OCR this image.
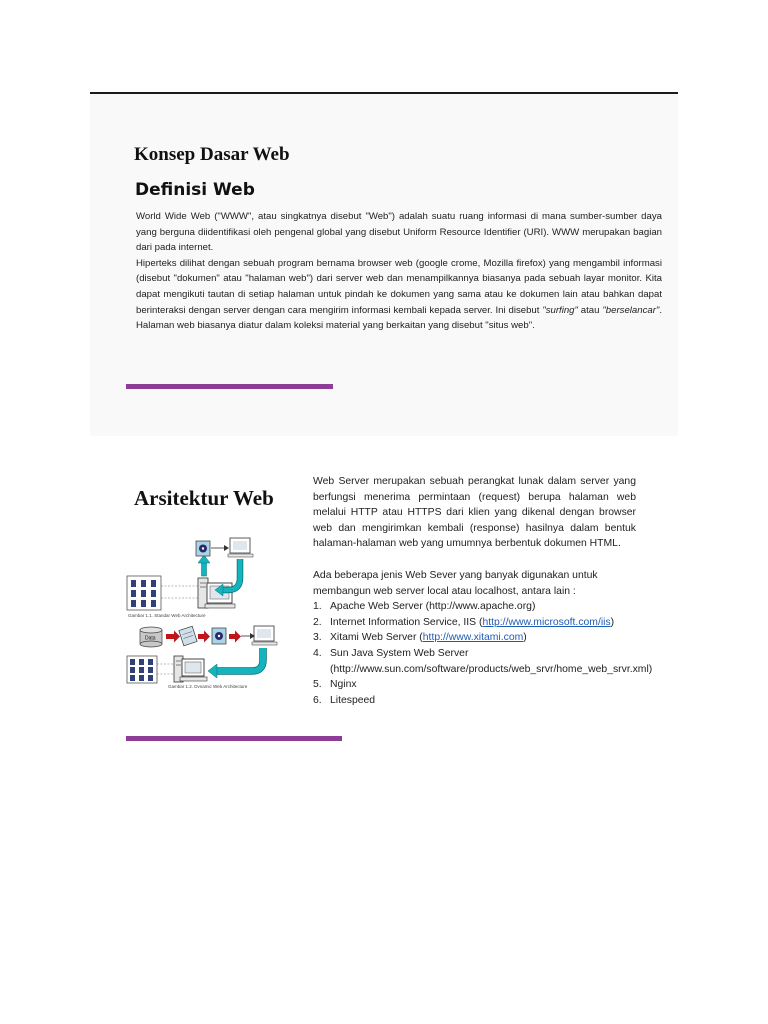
Konsep Dasar Web
Definisi Web

World Wide Web ("WWW", atau singkatnya disebut "Web") adalah suatu ruang informasi di mana sumber-sumber daya yang berguna diidentifikasi oleh pengenal global yang disebut Uniform Resource Identifier (URI). WWW merupakan bagian dari pada internet.

Hiperteks dilihat dengan sebuah program bernama browser web (google crome, Mozilla firefox) yang mengambil informasi (disebut "dokumen" atau "halaman web") dari server web dan menampilkannya biasanya pada sebuah layar monitor. Kita dapat mengikuti tautan di setiap halaman untuk pindah ke dokumen yang sama atau ke dokumen lain atau bahkan dapat berinteraksi dengan server dengan cara mengirim informasi kembali kepada server. Ini disebut "surfing" atau "berselancar". Halaman web biasanya diatur dalam koleksi material yang berkaitan yang disebut "situs web".

Arsitektur Web
Gambar 1.1. Standar Web Architecture
Data
Gambar 1.2. Dynamic Web Architecture

Web Server merupakan sebuah perangkat lunak dalam server yang berfungsi menerima permintaan (request) berupa halaman web melalui HTTP atau HTTPS dari klien yang dikenal dengan browser web dan mengirimkan kembali (response) hasilnya dalam bentuk halaman-halaman web yang umumnya berbentuk dokumen HTML.

Ada beberapa jenis Web Sever yang banyak digunakan untuk membangun web server local atau localhost, antara lain :

1. Apache Web Server (http://www.apache.org)
2. Internet Information Service, IIS (http://www.microsoft.com/iis)
3. Xitami Web Server (http://www.xitami.com)
4. Sun Java System Web Server (http://www.sun.com/software/products/web_srvr/home_web_srvr.xml)
5. Nginx
6. Litespeed
